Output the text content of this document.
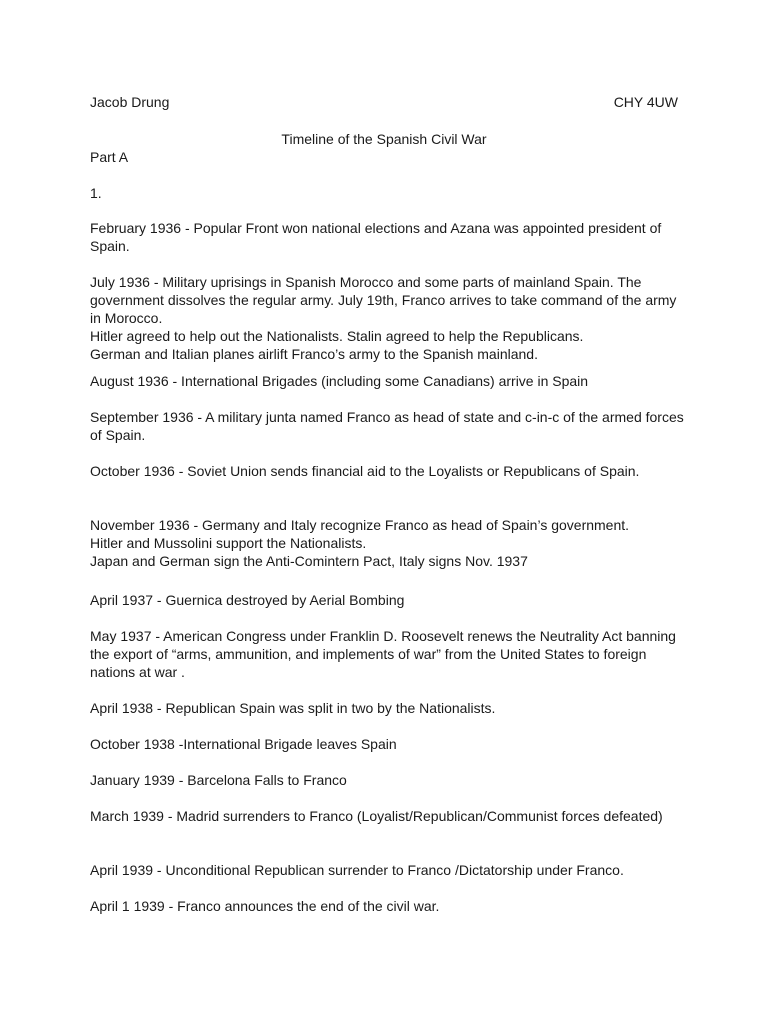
Jacob Drung	CHY 4UW
Timeline of the Spanish Civil War
Part A
1.

February 1936 - Popular Front won national elections and Azana was appointed president of Spain.

July 1936 - Military uprisings in Spanish Morocco and some parts of mainland Spain. The government dissolves the regular army. July 19th, Franco arrives to take command of the army in Morocco.

Hitler agreed to help out the Nationalists. Stalin agreed to help the Republicans.

German and Italian planes airlift Franco’s army to the Spanish mainland.

August 1936 - International Brigades (including some Canadians) arrive in Spain

September 1936 - A military junta named Franco as head of state and c-in-c of the armed forces of Spain.

October 1936 - Soviet Union sends financial aid to the Loyalists or Republicans of Spain.

November 1936 - Germany and Italy recognize Franco as head of Spain’s government.

Hitler and Mussolini support the Nationalists.

Japan and German sign the Anti-Comintern Pact, Italy signs Nov. 1937

April 1937 - Guernica destroyed by Aerial Bombing

May 1937 - American Congress under Franklin D. Roosevelt renews the Neutrality Act banning the export of “arms, ammunition, and implements of war” from the United States to foreign nations at war .

April 1938 - Republican Spain was split in two by the Nationalists.

October 1938 -International Brigade leaves Spain

January 1939 - Barcelona Falls to Franco

March 1939 - Madrid surrenders to Franco (Loyalist/Republican/Communist forces defeated)

April 1939 - Unconditional Republican surrender to Franco /Dictatorship under Franco.

April 1 1939 - Franco announces the end of the civil war.
